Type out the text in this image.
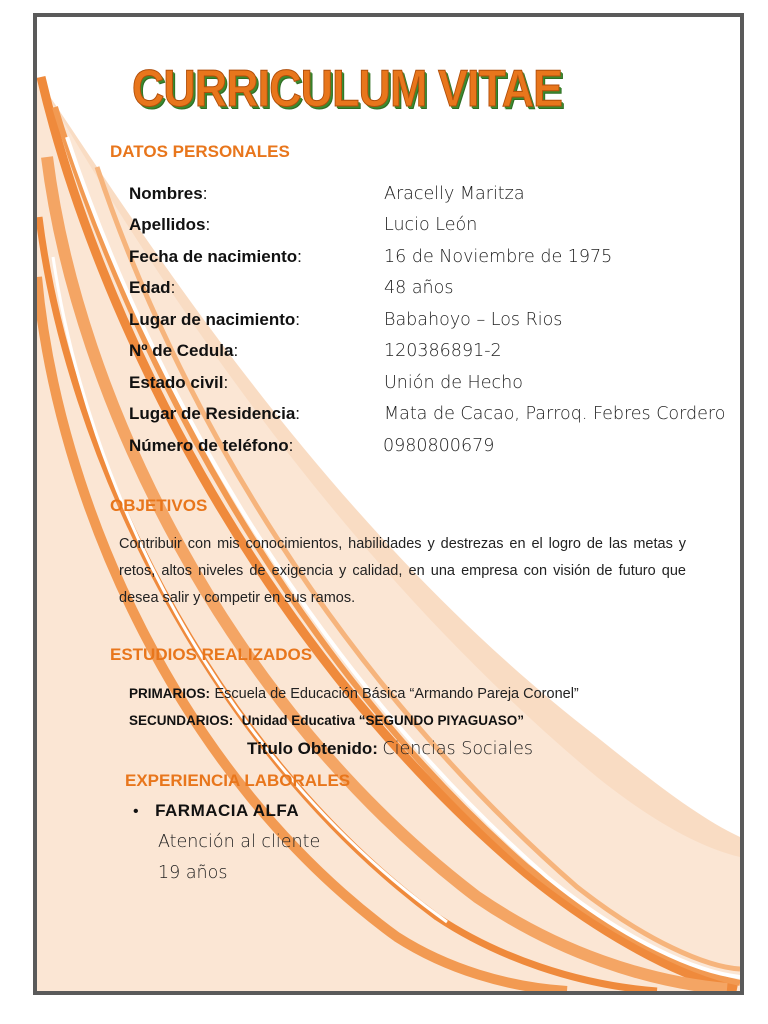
CURRICULUM VITAE
DATOS PERSONALES
Nombres:	Aracelly Maritza
Apellidos:	Lucio León
Fecha de nacimiento:	16 de Noviembre de 1975
Edad:	48 años
Lugar de nacimiento:	Babahoyo – Los Rios
Nº de Cedula:	120386891-2
Estado civil:	Unión de Hecho
Lugar de Residencia:	Mata de Cacao, Parroq. Febres Cordero
Número de teléfono:	0980800679
OBJETIVOS
Contribuir con mis conocimientos, habilidades y destrezas en el logro de las metas y retos, altos niveles de exigencia y calidad, en una empresa con visión de futuro que desea salir y competir en sus ramos.
ESTUDIOS REALIZADOS
PRIMARIOS: Escuela de Educación Básica “Armando Pareja Coronel”
SECUNDARIOS: Unidad Educativa “SEGUNDO PIYAGUASO”
Titulo Obtenido: Ciencias Sociales
EXPERIENCIA LABORALES
• FARMACIA ALFA
Atención al cliente
19 años
